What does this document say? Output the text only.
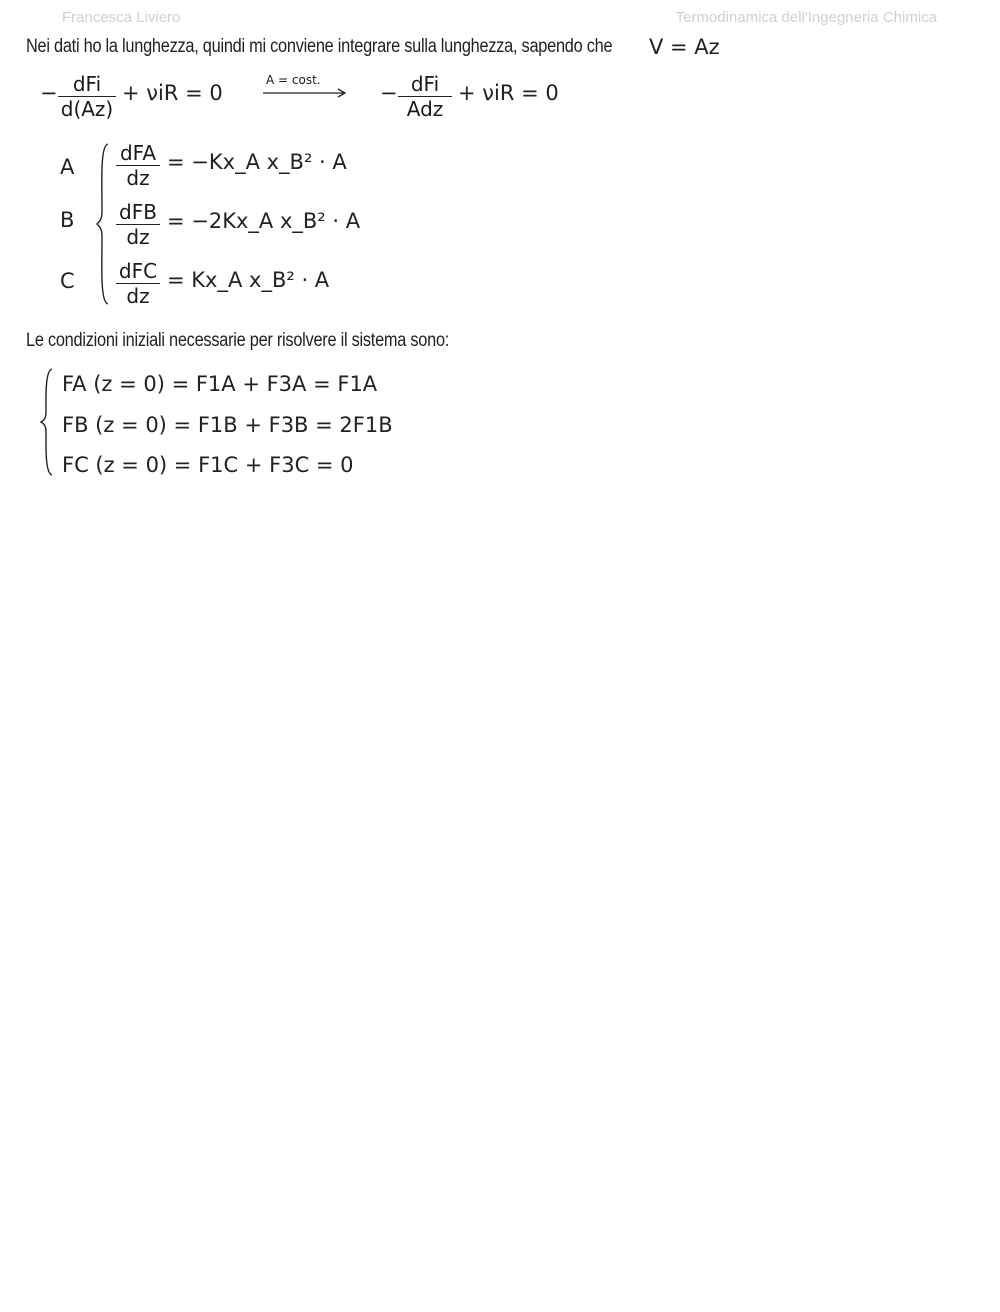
Francesca Liviero	Termodinamica dell'Ingegneria Chimica
Nei dati ho la lunghezza, quindi mi conviene integrare sulla lunghezza, sapendo che V = Az
− dFi
d(Az)
+ νiR = 0
A = cost.
− dFi
Adz
+ νiR = 0
A
dFA
dz
= −Kx_A x_B² · A
B dFB
dz
= −2Kx_A x_B² · A
C dFC
dz
= Kx_A x_B² · A
Le condizioni iniziali necessarie per risolvere il sistema sono:
FA (z = 0) = F1A + F3A = F1A
FB (z = 0) = F1B + F3B = 2F1B
FC (z = 0) = F1C + F3C = 0
